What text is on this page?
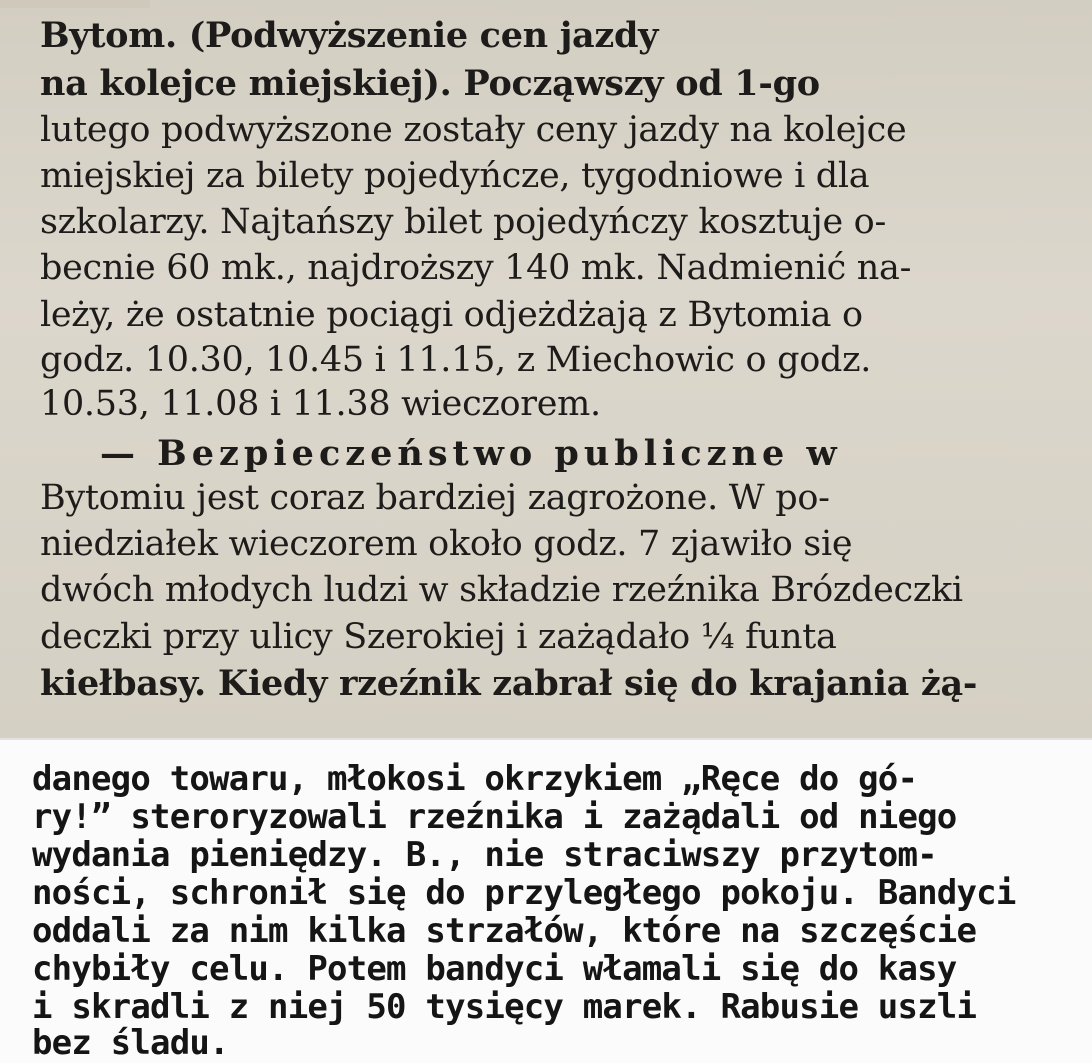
Bytom. (Podwyższenie cen jazdy
na kolejce miejskiej). Począwszy od 1-go
lutego podwyższone zostały ceny jazdy na kolejce
miejskiej za bilety pojedyńcze, tygodniowe i dla
szkolarzy. Najtańszy bilet pojedyńczy kosztuje o-
becnie 60 mk., najdroższy 140 mk. Nadmienić na-
leży, że ostatnie pociągi odjeżdżają z Bytomia o
godz. 10.30, 10.45 i 11.15, z Miechowic o godz.
10.53, 11.08 i 11.38 wieczorem.
— Bezpieczeństwo publiczne w
Bytomiu jest coraz bardziej zagrożone. W po-
niedziałek wieczorem około godz. 7 zjawiło się
dwóch młodych ludzi w składzie rzeźnika Brózdeczki
deczki przy ulicy Szerokiej i zażądało ¼ funta
kiełbasy. Kiedy rzeźnik zabrał się do krajania żą-
danego towaru, młokosi okrzykiem „Ręce do gó-
ry!” steroryzowali rzeźnika i zażądali od niego
wydania pieniędzy. B., nie straciwszy przytom-
ności, schronił się do przyległego pokoju. Bandyci
oddali za nim kilka strzałów, które na szczęście
chybiły celu. Potem bandyci włamali się do kasy
i skradli z niej 50 tysięcy marek. Rabusie uszli
bez śladu.
